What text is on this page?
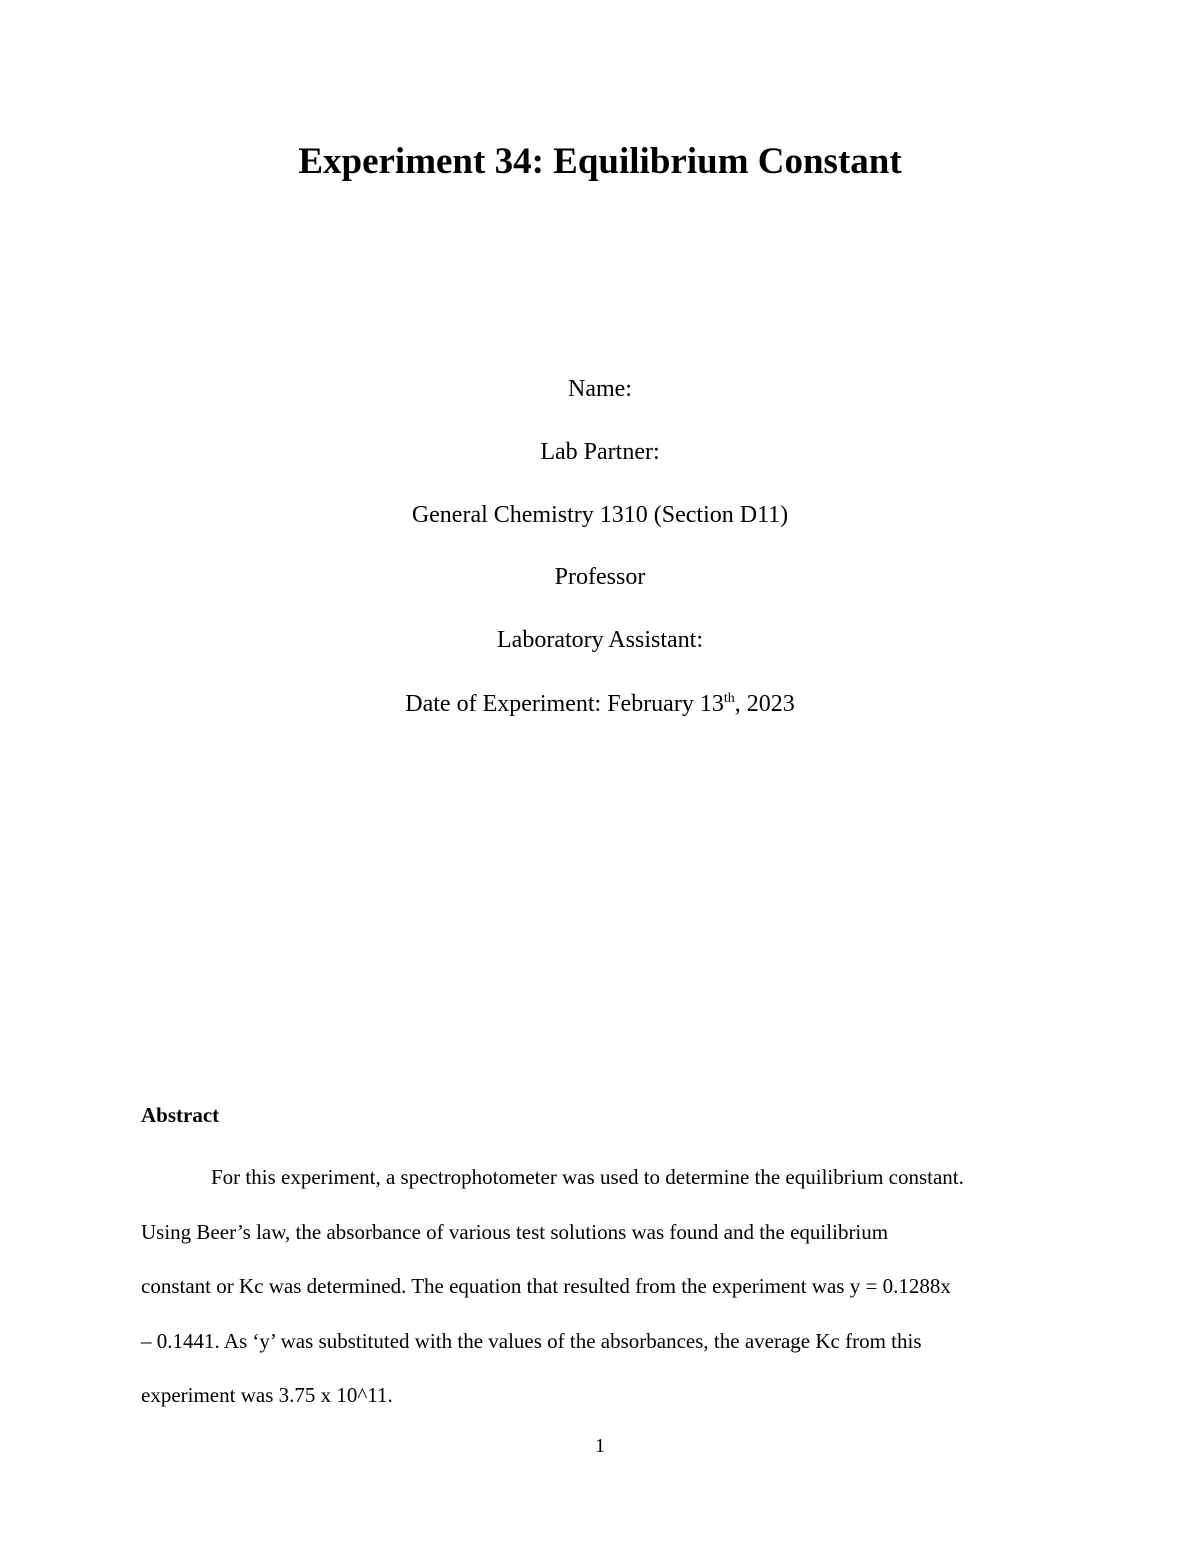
Experiment 34: Equilibrium Constant

Name:

Lab Partner:

General Chemistry 1310 (Section D11)

Professor

Laboratory Assistant:

Date of Experiment: February 13th, 2023

Abstract
For this experiment, a spectrophotometer was used to determine the equilibrium constant.
Using Beer’s law, the absorbance of various test solutions was found and the equilibrium
constant or Kc was determined. The equation that resulted from the experiment was y = 0.1288x
– 0.1441. As ‘y’ was substituted with the values of the absorbances, the average Kc from this
experiment was 3.75 x 10^11.

1
